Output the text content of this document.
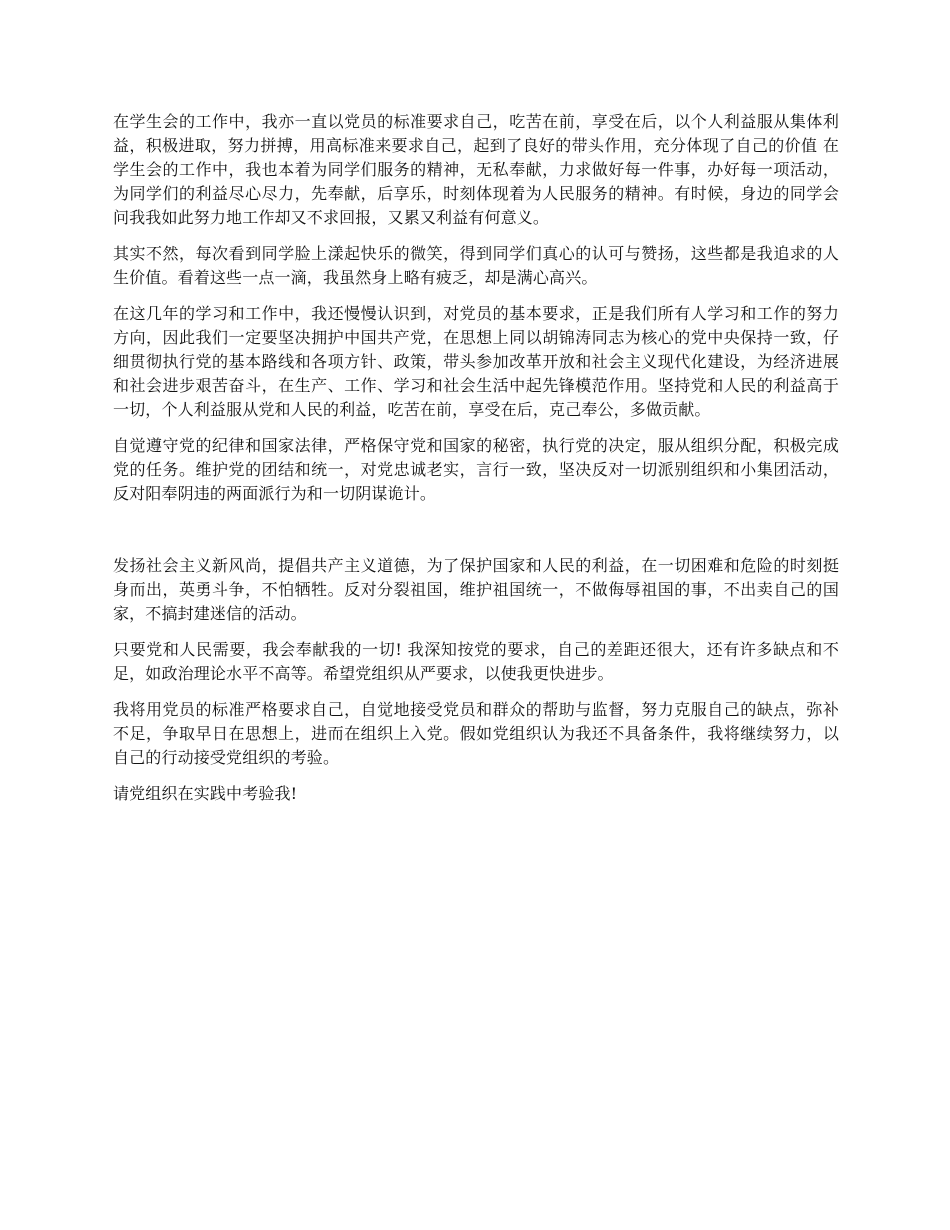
在学生会的工作中，我亦一直以党员的标准要求自己，吃苦在前，享受在后，以个人利益服从集体利益，积极进取，努力拼搏，用高标准来要求自己，起到了良好的带头作用，充分体现了自己的价值 在学生会的工作中，我也本着为同学们服务的精神，无私奉献，力求做好每一件事，办好每一项活动，为同学们的利益尽心尽力，先奉献，后享乐，时刻体现着为人民服务的精神。有时候，身边的同学会问我我如此努力地工作却又不求回报，又累又利益有何意义。

其实不然，每次看到同学脸上漾起快乐的微笑，得到同学们真心的认可与赞扬，这些都是我追求的人生价值。看着这些一点一滴，我虽然身上略有疲乏，却是满心高兴。

在这几年的学习和工作中，我还慢慢认识到，对党员的基本要求，正是我们所有人学习和工作的努力方向，因此我们一定要坚决拥护中国共产党，在思想上同以胡锦涛同志为核心的党中央保持一致，仔细贯彻执行党的基本路线和各项方针、政策，带头参加改革开放和社会主义现代化建设，为经济进展和社会进步艰苦奋斗，在生产、工作、学习和社会生活中起先锋模范作用。坚持党和人民的利益高于一切，个人利益服从党和人民的利益，吃苦在前，享受在后，克己奉公，多做贡献。

自觉遵守党的纪律和国家法律，严格保守党和国家的秘密，执行党的决定，服从组织分配，积极完成党的任务。维护党的团结和统一，对党忠诚老实，言行一致，坚决反对一切派别组织和小集团活动，反对阳奉阴违的两面派行为和一切阴谋诡计。

发扬社会主义新风尚，提倡共产主义道德，为了保护国家和人民的利益，在一切困难和危险的时刻挺身而出，英勇斗争，不怕牺牲。反对分裂祖国，维护祖国统一，不做侮辱祖国的事，不出卖自己的国家，不搞封建迷信的活动。

只要党和人民需要，我会奉献我的一切! 我深知按党的要求，自己的差距还很大，还有许多缺点和不足，如政治理论水平不高等。希望党组织从严要求，以使我更快进步。

我将用党员的标准严格要求自己，自觉地接受党员和群众的帮助与监督，努力克服自己的缺点，弥补不足，争取早日在思想上，进而在组织上入党。假如党组织认为我还不具备条件，我将继续努力，以自己的行动接受党组织的考验。

请党组织在实践中考验我!
